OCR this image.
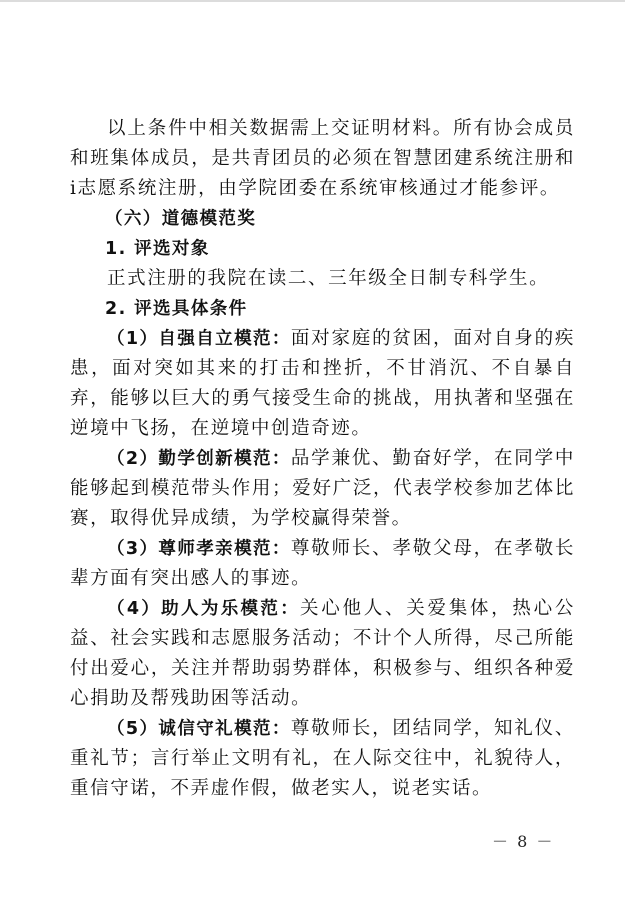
以上条件中相关数据需上交证明材料。所有协会成员和班集体成员，是共青团员的必须在智慧团建系统注册和i志愿系统注册，由学院团委在系统审核通过才能参评。

（六）道德模范奖

1. 评选对象

正式注册的我院在读二、三年级全日制专科学生。

2. 评选具体条件

（1）自强自立模范：面对家庭的贫困，面对自身的疾患，面对突如其来的打击和挫折，不甘消沉、不自暴自弃，能够以巨大的勇气接受生命的挑战，用执著和坚强在逆境中飞扬，在逆境中创造奇迹。

（2）勤学创新模范：品学兼优、勤奋好学，在同学中能够起到模范带头作用；爱好广泛，代表学校参加艺体比赛，取得优异成绩，为学校赢得荣誉。

（3）尊师孝亲模范：尊敬师长、孝敬父母，在孝敬长辈方面有突出感人的事迹。

（4）助人为乐模范：关心他人、关爱集体，热心公益、社会实践和志愿服务活动；不计个人所得，尽己所能付出爱心，关注并帮助弱势群体，积极参与、组织各种爱心捐助及帮残助困等活动。

（5）诚信守礼模范：尊敬师长，团结同学，知礼仪、重礼节；言行举止文明有礼，在人际交往中，礼貌待人，重信守诺，不弄虚作假，做老实人，说老实话。

－ 8 －
